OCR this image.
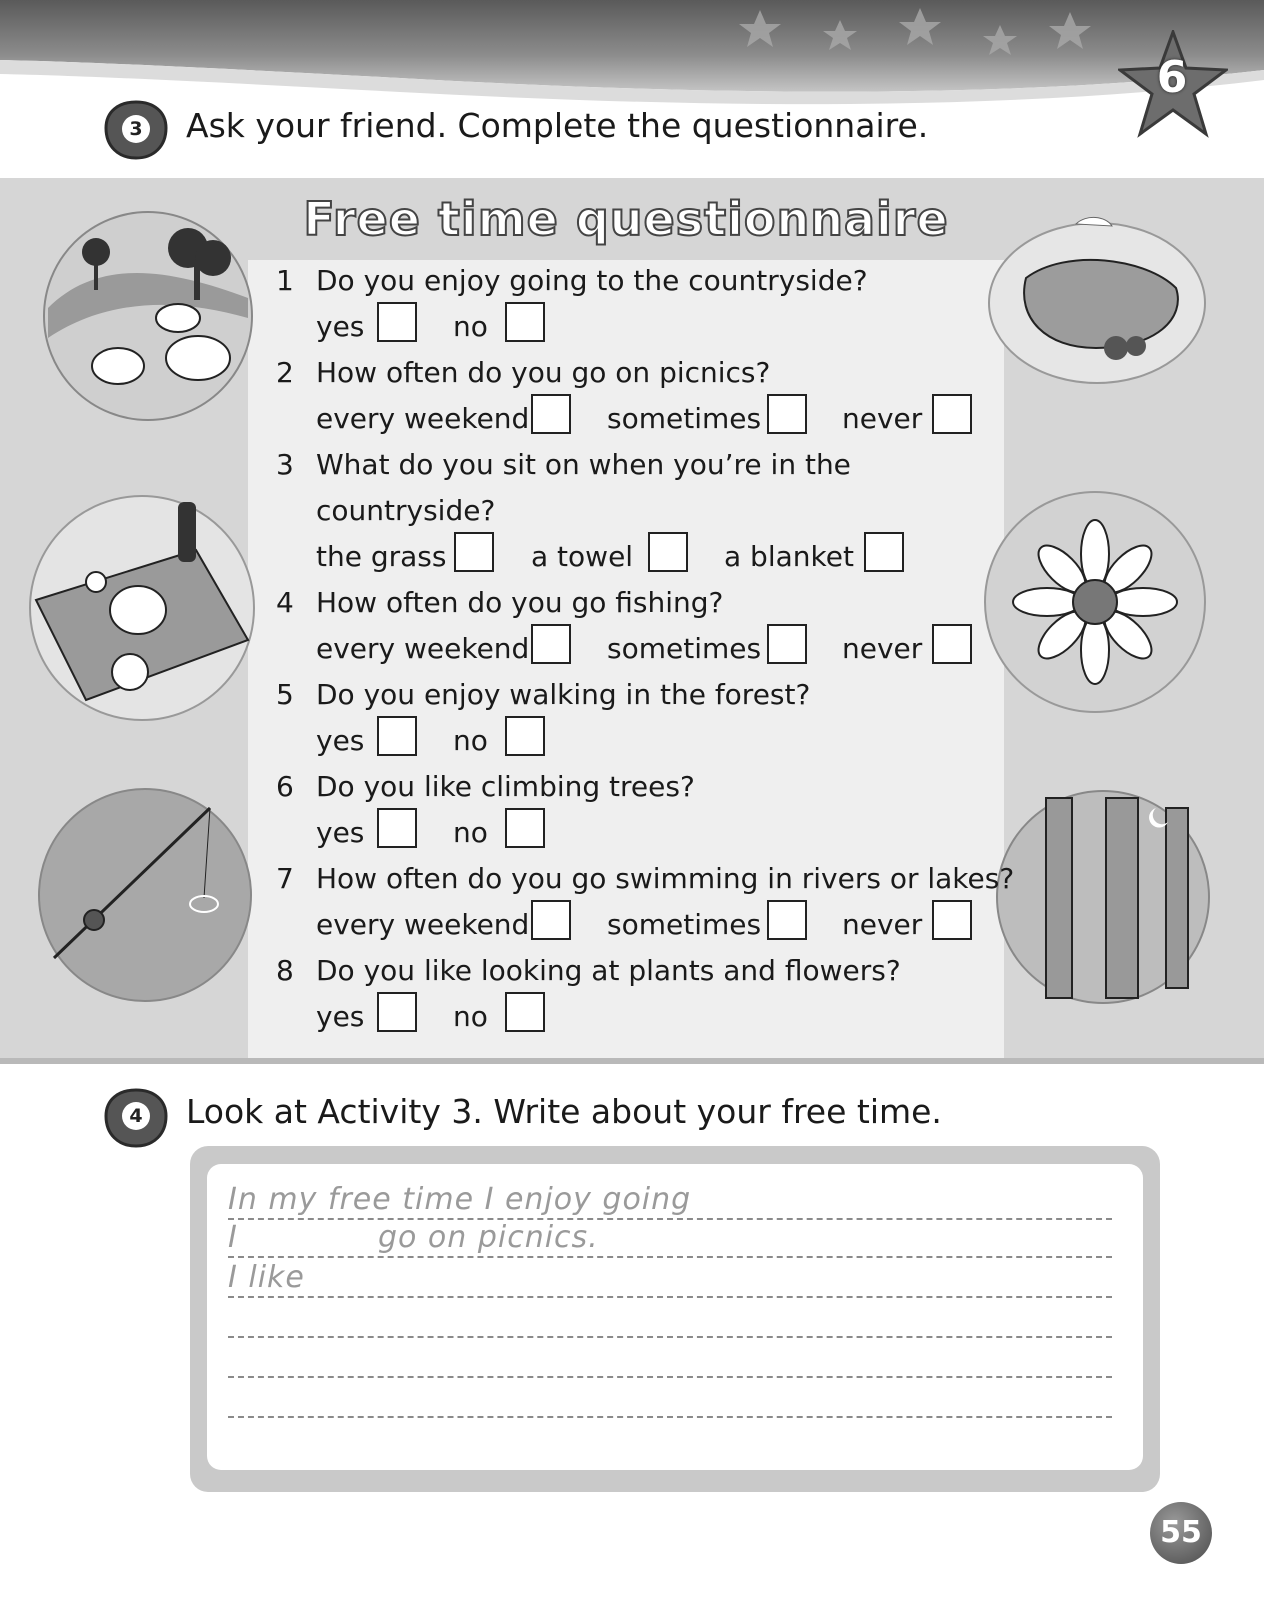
6
3 Ask your friend. Complete the questionnaire.
Free time questionnaire
1 Do you enjoy going to the countryside?
yes	no
2 How often do you go on picnics?
every weekend	sometimes	never
3 What do you sit on when you’re in the
countryside?
the grass	a towel	a blanket
4 How often do you go fishing?
every weekend	sometimes	never
5 Do you enjoy walking in the forest?
yes	no
6 Do you like climbing trees?
yes	no
7 How often do you go swimming in rivers or lakes?
every weekend	sometimes	never
8 Do you like looking at plants and flowers?
yes	no
4 Look at Activity 3. Write about your free time.
In my free time I enjoy going
I	go on picnics.
I like
55
